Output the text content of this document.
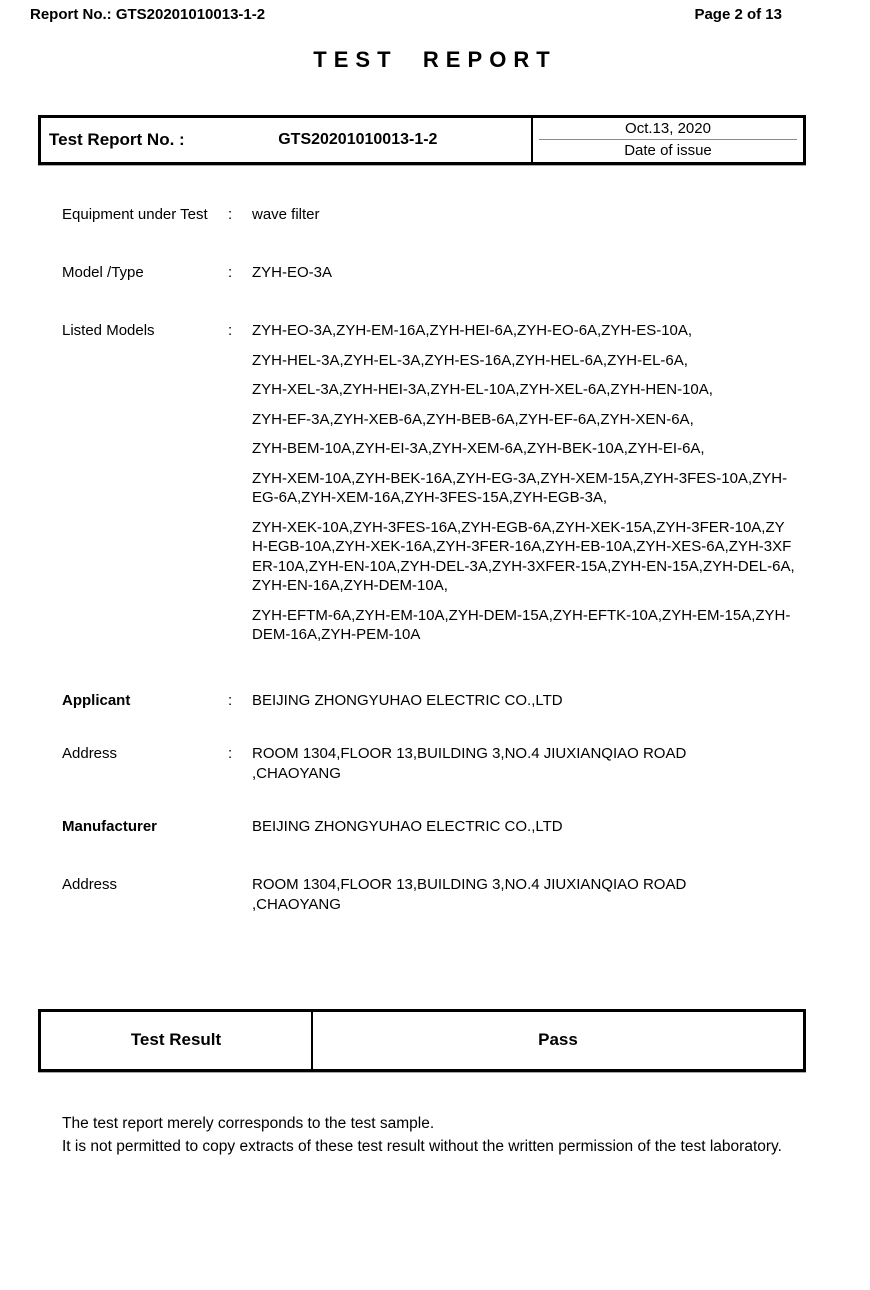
Report No.: GTS20201010013-1-2	Page 2 of 13
TEST REPORT
Test Report No. :	GTS20201010013-1-2
Oct.13, 2020
Date of issue
Equipment under Test	:	wave filter
Model /Type	:	ZYH-EO-3A
Listed Models	:	ZYH-EO-3A,ZYH-EM-16A,ZYH-HEI-6A,ZYH-EO-6A,ZYH-ES-10A,
ZYH-HEL-3A,ZYH-EL-3A,ZYH-ES-16A,ZYH-HEL-6A,ZYH-EL-6A,
ZYH-XEL-3A,ZYH-HEI-3A,ZYH-EL-10A,ZYH-XEL-6A,ZYH-HEN-10A,
ZYH-EF-3A,ZYH-XEB-6A,ZYH-BEB-6A,ZYH-EF-6A,ZYH-XEN-6A,
ZYH-BEM-10A,ZYH-EI-3A,ZYH-XEM-6A,ZYH-BEK-10A,ZYH-EI-6A,
ZYH-XEM-10A,ZYH-BEK-16A,ZYH-EG-3A,ZYH-XEM-15A,ZYH-3FES-10A,ZYH-EG-6A,ZYH-XEM-16A,ZYH-3FES-15A,ZYH-EGB-3A,
ZYH-XEK-10A,ZYH-3FES-16A,ZYH-EGB-6A,ZYH-XEK-15A,ZYH-3FER-10A,ZYH-EGB-10A,ZYH-XEK-16A,ZYH-3FER-16A,ZYH-EB-10A,ZYH-XES-6A,ZYH-3XFER-10A,ZYH-EN-10A,ZYH-DEL-3A,ZYH-3XFER-15A,ZYH-EN-15A,ZYH-DEL-6A,ZYH-EN-16A,ZYH-DEM-10A,
ZYH-EFTM-6A,ZYH-EM-10A,ZYH-DEM-15A,ZYH-EFTK-10A,ZYH-EM-15A,ZYH-DEM-16A,ZYH-PEM-10A
Applicant	:	BEIJING ZHONGYUHAO ELECTRIC CO.,LTD
Address	:	ROOM 1304,FLOOR 13,BUILDING 3,NO.4 JIUXIANQIAO ROAD ,CHAOYANG
Manufacturer	BEIJING ZHONGYUHAO ELECTRIC CO.,LTD
Address	ROOM 1304,FLOOR 13,BUILDING 3,NO.4 JIUXIANQIAO ROAD ,CHAOYANG
Test Result	Pass

The test report merely corresponds to the test sample.

It is not permitted to copy extracts of these test result without the written permission of the test laboratory.
